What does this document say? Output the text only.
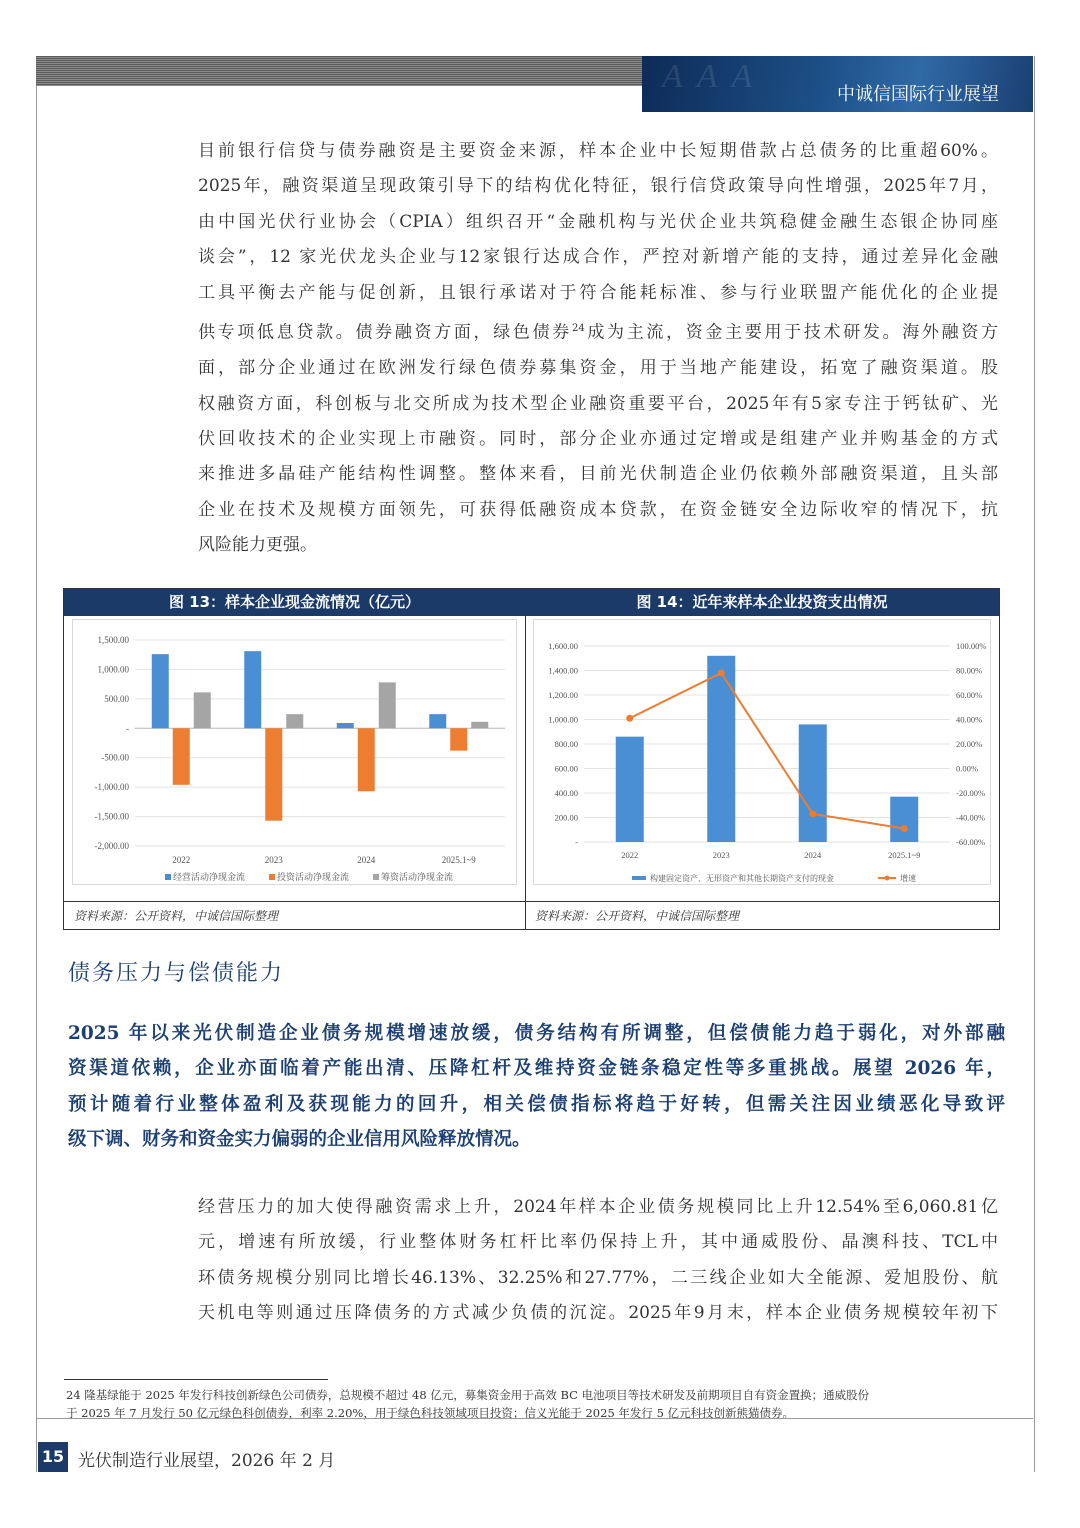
AAA	中诚信国际行业展望
目前银行信贷与债券融资是主要资金来源，样本企业中长短期借款占总债务的比重超60%。
2025年，融资渠道呈现政策引导下的结构优化特征，银行信贷政策导向性增强，2025年7月，
由中国光伏行业协会（CPIA）组织召开“金融机构与光伏企业共筑稳健金融生态银企协同座
谈会”，12 家光伏龙头企业与12家银行达成合作，严控对新增产能的支持，通过差异化金融
工具平衡去产能与促创新，且银行承诺对于符合能耗标准、参与行业联盟产能优化的企业提
供专项低息贷款。债券融资方面，绿色债券$^{24}$成为主流，资金主要用于技术研发。海外融资方
面，部分企业通过在欧洲发行绿色债券募集资金，用于当地产能建设，拓宽了融资渠道。股
权融资方面，科创板与北交所成为技术型企业融资重要平台，2025年有5家专注于钙钛矿、光
伏回收技术的企业实现上市融资。同时，部分企业亦通过定增或是组建产业并购基金的方式
来推进多晶硅产能结构性调整。整体来看，目前光伏制造企业仍依赖外部融资渠道，且头部
企业在技术及规模方面领先，可获得低融资成本贷款，在资金链安全边际收窄的情况下，抗
风险能力更强。
图 13：样本企业现金流情况（亿元）
1,500.00
1,000.00
500.00
-
-500.00
-1,000.00
-1,500.00
-2,000.00
2022	2023	2024	2025.1~9
经营活动净现金流	投资活动净现金流	筹资活动净现金流
资料来源：公开资料，中诚信国际整理
图 14：近年来样本企业投资支出情况
1,600.00
1,400.00
1,200.00
1,000.00
800.00
600.00
400.00
200.00
-
100.00%
80.00%
60.00%
40.00%
20.00%
0.00%
-20.00%
-40.00%
-60.00%
2022	2023	2024	2025.1~9
构建固定资产、无形资产和其他长期资产支付的现金	增速
资料来源：公开资料，中诚信国际整理
债务压力与偿债能力
2025 年以来光伏制造企业债务规模增速放缓，债务结构有所调整，但偿债能力趋于弱化，对外部融
资渠道依赖，企业亦面临着产能出清、压降杠杆及维持资金链条稳定性等多重挑战。展望 2026 年，
预计随着行业整体盈利及获现能力的回升，相关偿债指标将趋于好转，但需关注因业绩恶化导致评
级下调、财务和资金实力偏弱的企业信用风险释放情况。
经营压力的加大使得融资需求上升，2024年样本企业债务规模同比上升12.54%至6,060.81亿
元，增速有所放缓，行业整体财务杠杆比率仍保持上升，其中通威股份、晶澳科技、TCL中
环债务规模分别同比增长46.13%、32.25%和27.77%，二三线企业如大全能源、爱旭股份、航
天机电等则通过压降债务的方式减少负债的沉淀。2025年9月末，样本企业债务规模较年初下
24 隆基绿能于 2025 年发行科技创新绿色公司债券，总规模不超过 48 亿元，募集资金用于高效 BC 电池项目等技术研发及前期项目自有资金置换；通威股份
于 2025 年 7 月发行 50 亿元绿色科创债券，利率 2.20%，用于绿色科技领域项目投资；信义光能于 2025 年发行 5 亿元科技创新熊猫债券。
15 光伏制造行业展望，2026 年 2 月
